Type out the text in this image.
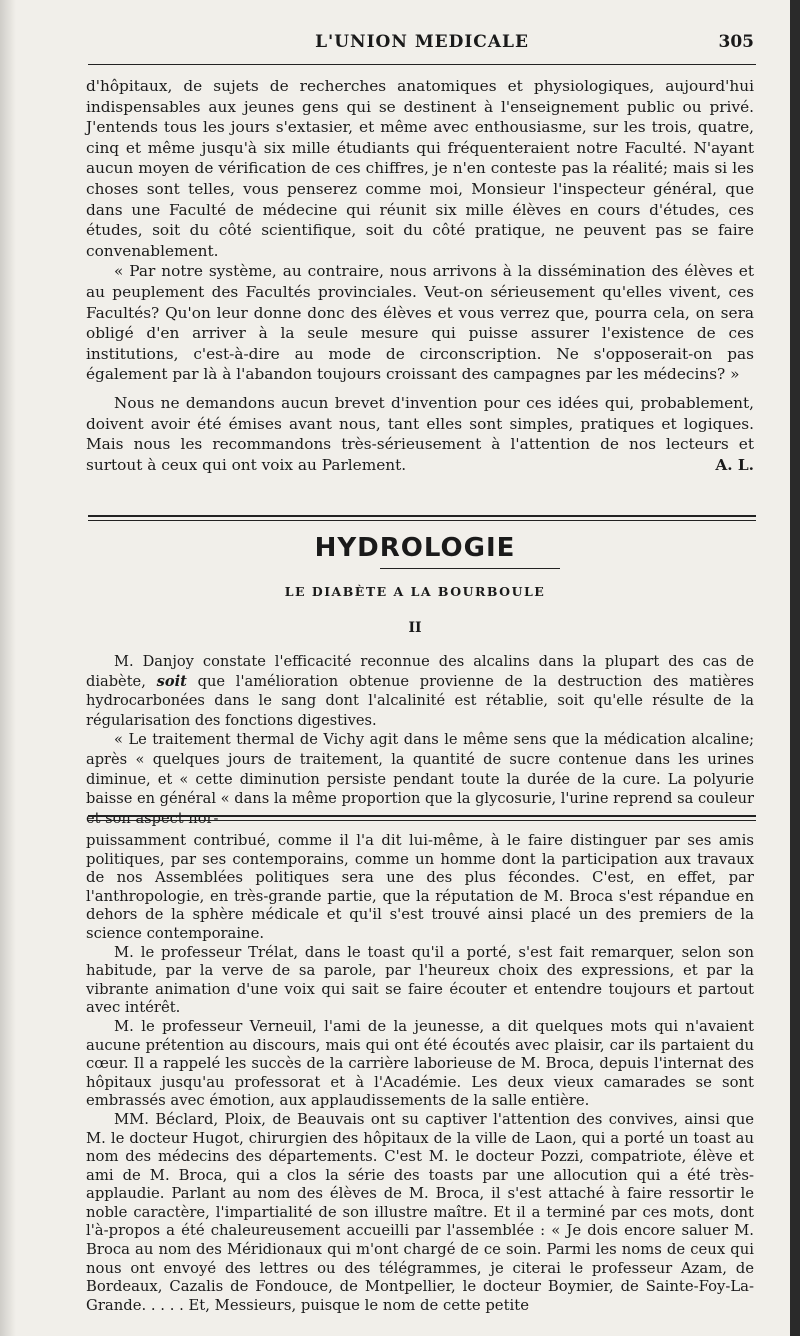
L'UNION MEDICALE	305

d'hôpitaux, de sujets de recherches anatomiques et physiologiques, aujourd'hui indispensables aux jeunes gens qui se destinent à l'enseignement public ou privé. J'entends tous les jours s'extasier, et même avec enthousiasme, sur les trois, quatre, cinq et même jusqu'à six mille étudiants qui fréquenteraient notre Faculté. N'ayant aucun moyen de vérification de ces chiffres, je n'en conteste pas la réalité; mais si les choses sont telles, vous penserez comme moi, Monsieur l'inspecteur général, que dans une Faculté de médecine qui réunit six mille élèves en cours d'études, ces études, soit du côté scientifique, soit du côté pratique, ne peuvent pas se faire convenablement.

« Par notre système, au contraire, nous arrivons à la dissémination des élèves et au peuplement des Facultés provinciales. Veut-on sérieusement qu'elles vivent, ces Facultés? Qu'on leur donne donc des élèves et vous verrez que, pourra cela, on sera obligé d'en arriver à la seule mesure qui puisse assurer l'existence de ces institutions, c'est-à-dire au mode de circonscription. Ne s'opposerait-on pas également par là à l'abandon toujours croissant des campagnes par les médecins? »

Nous ne demandons aucun brevet d'invention pour ces idées qui, probablement, doivent avoir été émises avant nous, tant elles sont simples, pratiques et logiques. Mais nous les recommandons très-sérieusement à l'attention de nos lecteurs et surtout à ceux qui ont voix au Parlement.	A. L.

HYDROLOGIE
LE DIABÈTE A LA BOURBOULE
II

M. Danjoy constate l'efficacité reconnue des alcalins dans la plupart des cas de diabète, soit que l'amélioration obtenue provienne de la destruction des matières hydrocarbonées dans le sang dont l'alcalinité est rétablie, soit qu'elle résulte de la régularisation des fonctions digestives.

« Le traitement thermal de Vichy agit dans le même sens que la médication alcaline; après « quelques jours de traitement, la quantité de sucre contenue dans les urines diminue, et « cette diminution persiste pendant toute la durée de la cure. La polyurie baisse en général « dans la même proportion que la glycosurie, l'urine reprend sa couleur et son aspect nor-

puissamment contribué, comme il l'a dit lui-même, à le faire distinguer par ses amis politiques, par ses contemporains, comme un homme dont la participation aux travaux de nos Assemblées politiques sera une des plus fécondes. C'est, en effet, par l'anthropologie, en très-grande partie, que la réputation de M. Broca s'est répandue en dehors de la sphère médicale et qu'il s'est trouvé ainsi placé un des premiers de la science contemporaine.

M. le professeur Trélat, dans le toast qu'il a porté, s'est fait remarquer, selon son habitude, par la verve de sa parole, par l'heureux choix des expressions, et par la vibrante animation d'une voix qui sait se faire écouter et entendre toujours et partout avec intérêt.

M. le professeur Verneuil, l'ami de la jeunesse, a dit quelques mots qui n'avaient aucune prétention au discours, mais qui ont été écoutés avec plaisir, car ils partaient du cœur. Il a rappelé les succès de la carrière laborieuse de M. Broca, depuis l'internat des hôpitaux jusqu'au professorat et à l'Académie. Les deux vieux camarades se sont embrassés avec émotion, aux applaudissements de la salle entière.

MM. Béclard, Ploix, de Beauvais ont su captiver l'attention des convives, ainsi que M. le docteur Hugot, chirurgien des hôpitaux de la ville de Laon, qui a porté un toast au nom des médecins des départements. C'est M. le docteur Pozzi, compatriote, élève et ami de M. Broca, qui a clos la série des toasts par une allocution qui a été très-applaudie. Parlant au nom des élèves de M. Broca, il s'est attaché à faire ressortir le noble caractère, l'impartialité de son illustre maître. Et il a terminé par ces mots, dont l'à-propos a été chaleureusement accueilli par l'assemblée : « Je dois encore saluer M. Broca au nom des Méridionaux qui m'ont chargé de ce soin. Parmi les noms de ceux qui nous ont envoyé des lettres ou des télégrammes, je citerai le professeur Azam, de Bordeaux, Cazalis de Fondouce, de Montpellier, le docteur Boymier, de Sainte-Foy-La-Grande. . . . . Et, Messieurs, puisque le nom de cette petite
